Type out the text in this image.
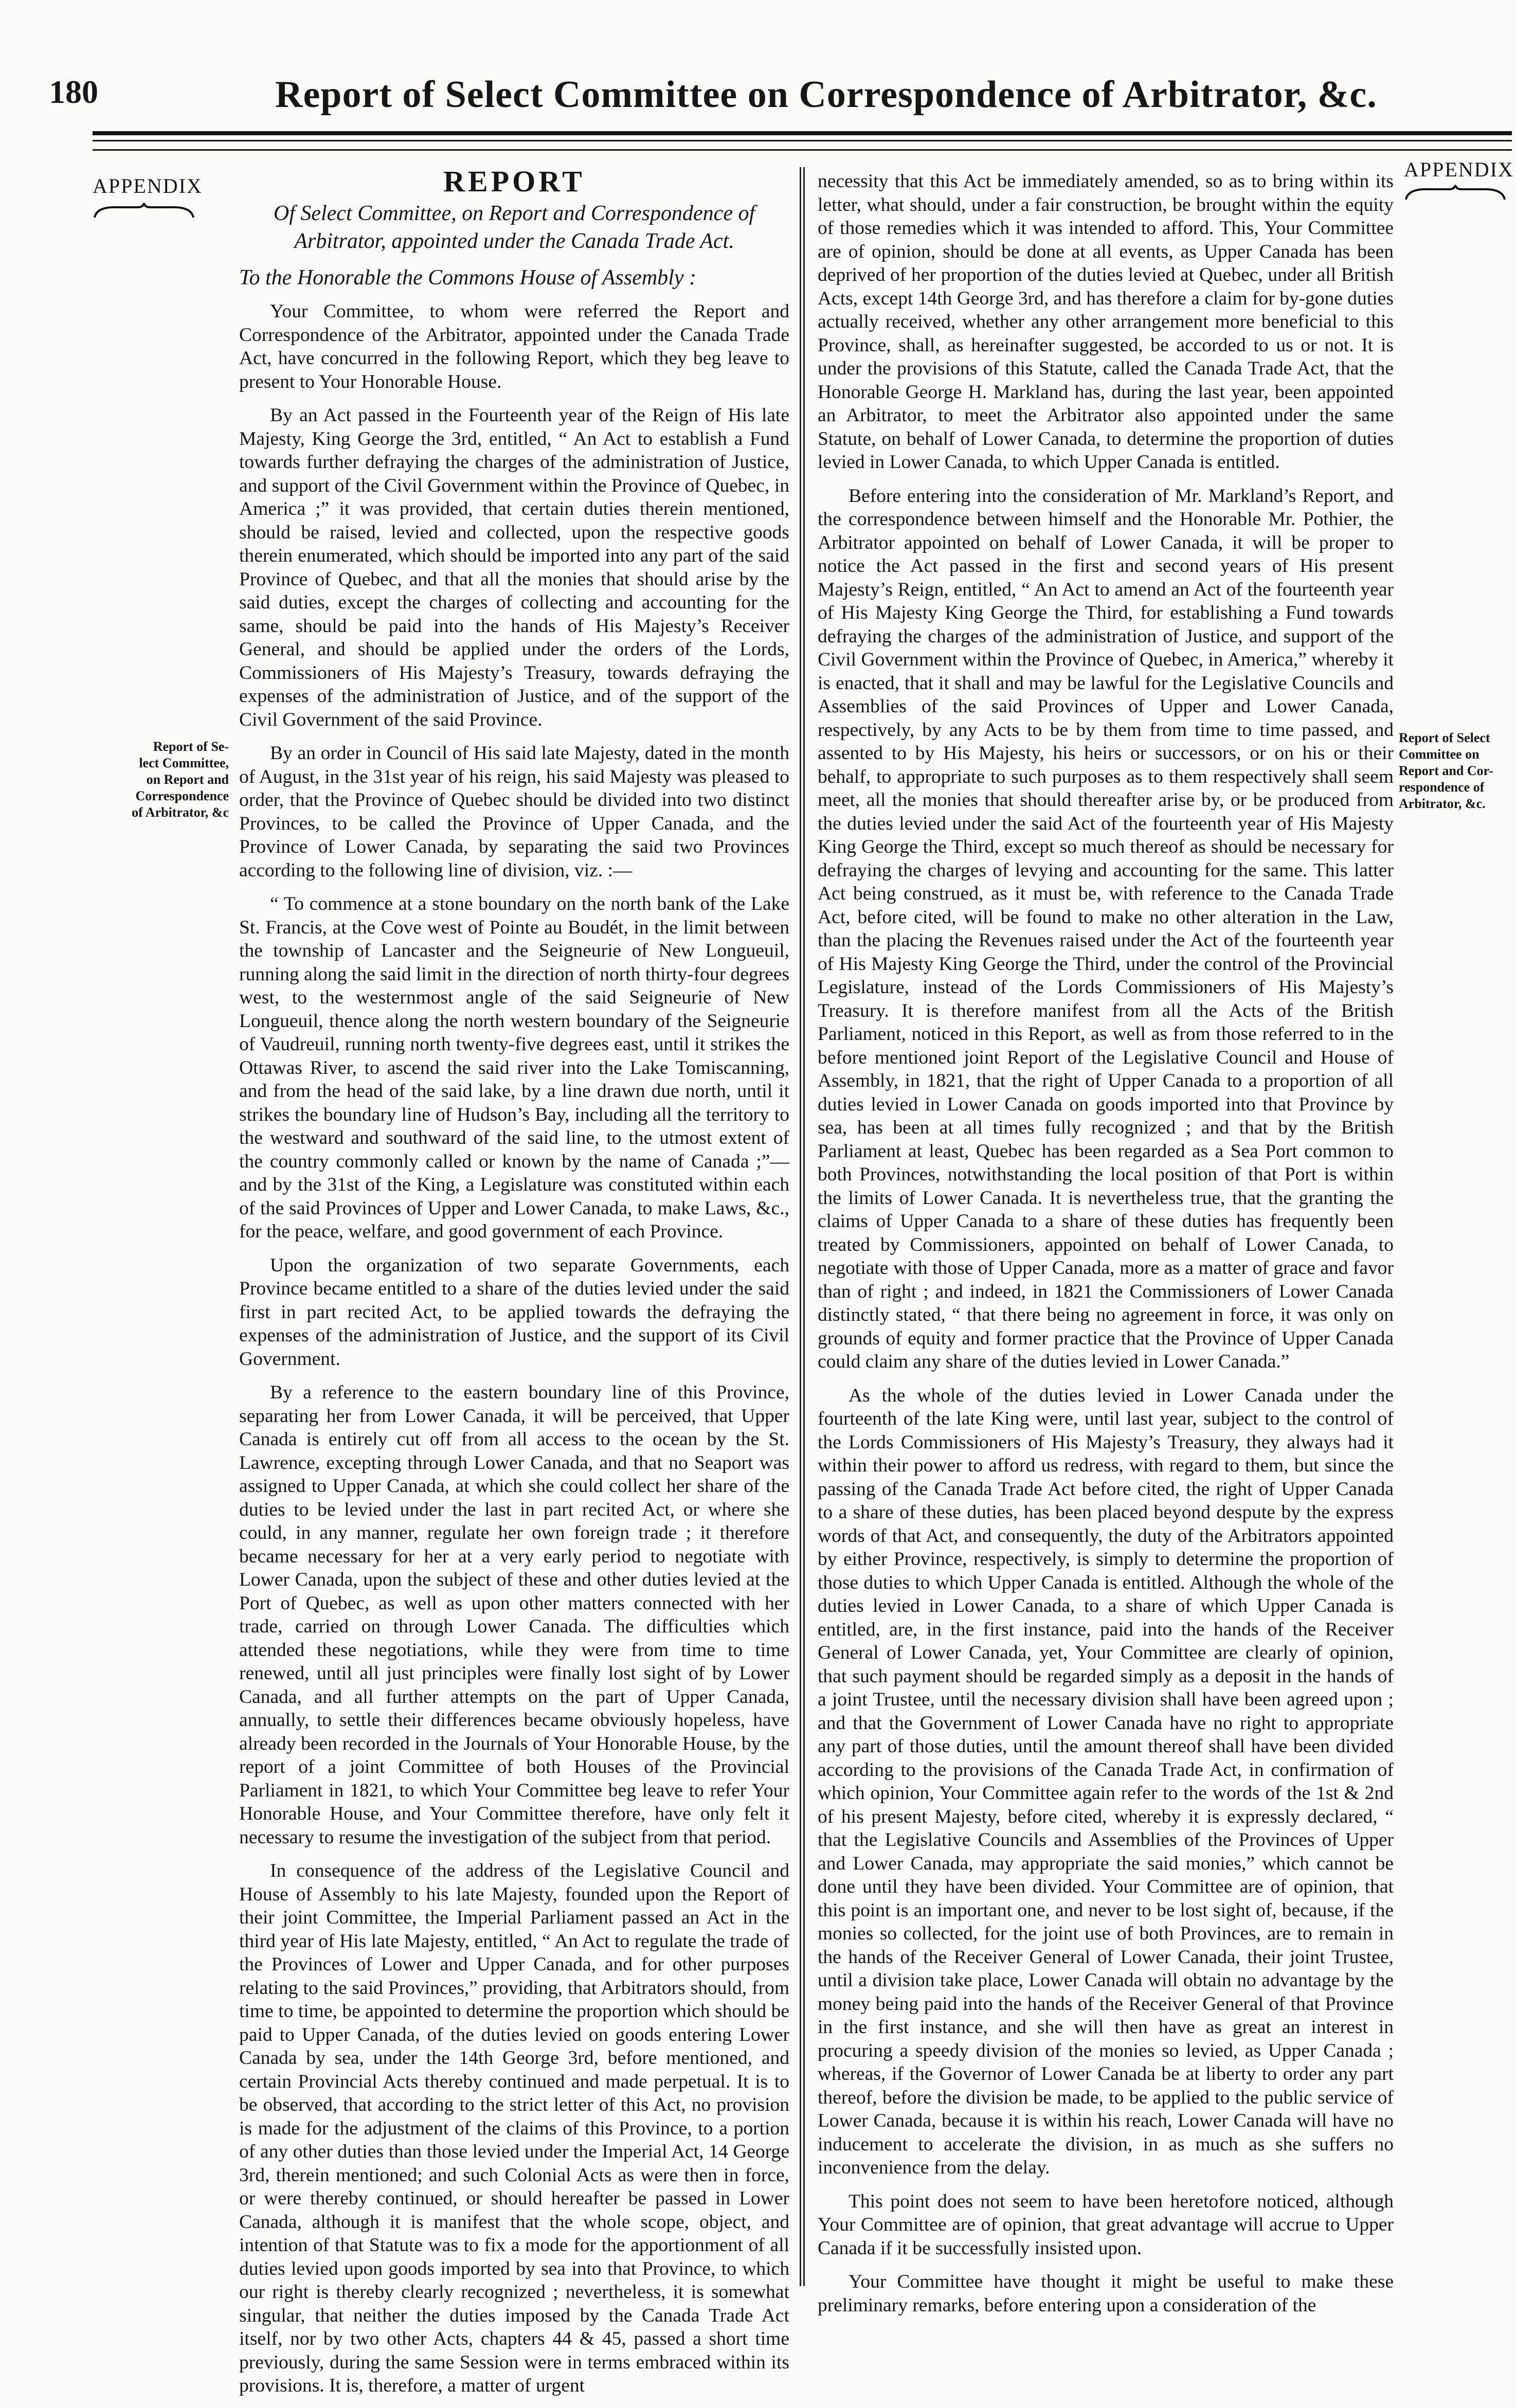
180	Report of Select Committee on Correspondence of Arbitrator, &c.
APPENDIX
APPENDIX
Report of Se-
lect Committee,
on Report and
Correspondence
of Arbitrator, &c
Report of Select
Committee on
Report and Cor-
respondence of
Arbitrator, &c.
REPORT
Of Select Committee, on Report and Correspondence of Arbitrator, appointed under the Canada Trade Act.
To the Honorable the Commons House of Assembly :

Your Committee, to whom were referred the Report and Correspondence of the Arbitrator, appointed under the Canada Trade Act, have concurred in the following Report, which they beg leave to present to Your Honorable House.

By an Act passed in the Fourteenth year of the Reign of His late Majesty, King George the 3rd, entitled, “ An Act to establish a Fund towards further defraying the charges of the administration of Justice, and support of the Civil Government within the Province of Quebec, in America ;” it was provided, that certain duties therein mentioned, should be raised, levied and collected, upon the respective goods therein enumerated, which should be imported into any part of the said Province of Quebec, and that all the monies that should arise by the said duties, except the charges of collecting and accounting for the same, should be paid into the hands of His Majesty’s Receiver General, and should be applied under the orders of the Lords, Commissioners of His Majesty’s Treasury, towards defraying the expenses of the administration of Justice, and of the support of the Civil Government of the said Province.

By an order in Council of His said late Majesty, dated in the month of August, in the 31st year of his reign, his said Majesty was pleased to order, that the Province of Quebec should be divided into two distinct Provinces, to be called the Province of Upper Canada, and the Province of Lower Canada, by separating the said two Provinces according to the following line of division, viz. :—

“ To commence at a stone boundary on the north bank of the Lake St. Francis, at the Cove west of Pointe au Boudét, in the limit between the township of Lancaster and the Seigneurie of New Longueuil, running along the said limit in the direction of north thirty-four degrees west, to the westernmost angle of the said Seigneurie of New Longueuil, thence along the north western boundary of the Seigneurie of Vaudreuil, running north twenty-five degrees east, until it strikes the Ottawas River, to ascend the said river into the Lake Tomiscanning, and from the head of the said lake, by a line drawn due north, until it strikes the boundary line of Hudson’s Bay, including all the territory to the westward and southward of the said line, to the utmost extent of the country commonly called or known by the name of Canada ;”—and by the 31st of the King, a Legislature was constituted within each of the said Provinces of Upper and Lower Canada, to make Laws, &c., for the peace, welfare, and good government of each Province.

Upon the organization of two separate Governments, each Province became entitled to a share of the duties levied under the said first in part recited Act, to be applied towards the defraying the expenses of the administration of Justice, and the support of its Civil Government.

By a reference to the eastern boundary line of this Province, separating her from Lower Canada, it will be perceived, that Upper Canada is entirely cut off from all access to the ocean by the St. Lawrence, excepting through Lower Canada, and that no Seaport was assigned to Upper Canada, at which she could collect her share of the duties to be levied under the last in part recited Act, or where she could, in any manner, regulate her own foreign trade ; it therefore became necessary for her at a very early period to negotiate with Lower Canada, upon the subject of these and other duties levied at the Port of Quebec, as well as upon other matters connected with her trade, carried on through Lower Canada. The difficulties which attended these negotiations, while they were from time to time renewed, until all just principles were finally lost sight of by Lower Canada, and all further attempts on the part of Upper Canada, annually, to settle their differences became obviously hopeless, have already been recorded in the Journals of Your Honorable House, by the report of a joint Committee of both Houses of the Provincial Parliament in 1821, to which Your Committee beg leave to refer Your Honorable House, and Your Committee therefore, have only felt it necessary to resume the investigation of the subject from that period.

In consequence of the address of the Legislative Council and House of Assembly to his late Majesty, founded upon the Report of their joint Committee, the Imperial Parliament passed an Act in the third year of His late Majesty, entitled, “ An Act to regulate the trade of the Provinces of Lower and Upper Canada, and for other purposes relating to the said Provinces,” providing, that Arbitrators should, from time to time, be appointed to determine the proportion which should be paid to Upper Canada, of the duties levied on goods entering Lower Canada by sea, under the 14th George 3rd, before mentioned, and certain Provincial Acts thereby continued and made perpetual. It is to be observed, that according to the strict letter of this Act, no provision is made for the adjustment of the claims of this Province, to a portion of any other duties than those levied under the Imperial Act, 14 George 3rd, therein mentioned; and such Colonial Acts as were then in force, or were thereby continued, or should hereafter be passed in Lower Canada, although it is manifest that the whole scope, object, and intention of that Statute was to fix a mode for the apportionment of all duties levied upon goods imported by sea into that Province, to which our right is thereby clearly recognized ; nevertheless, it is somewhat singular, that neither the duties imposed by the Canada Trade Act itself, nor by two other Acts, chapters 44 & 45, passed a short time previously, during the same Session were in terms embraced within its provisions. It is, therefore, a matter of urgent

necessity that this Act be immediately amended, so as to bring within its letter, what should, under a fair construction, be brought within the equity of those remedies which it was intended to afford. This, Your Committee are of opinion, should be done at all events, as Upper Canada has been deprived of her proportion of the duties levied at Quebec, under all British Acts, except 14th George 3rd, and has therefore a claim for by-gone duties actually received, whether any other arrangement more beneficial to this Province, shall, as hereinafter suggested, be accorded to us or not. It is under the provisions of this Statute, called the Canada Trade Act, that the Honorable George H. Markland has, during the last year, been appointed an Arbitrator, to meet the Arbitrator also appointed under the same Statute, on behalf of Lower Canada, to determine the proportion of duties levied in Lower Canada, to which Upper Canada is entitled.

Before entering into the consideration of Mr. Markland’s Report, and the correspondence between himself and the Honorable Mr. Pothier, the Arbitrator appointed on behalf of Lower Canada, it will be proper to notice the Act passed in the first and second years of His present Majesty’s Reign, entitled, “ An Act to amend an Act of the fourteenth year of His Majesty King George the Third, for establishing a Fund towards defraying the charges of the administration of Justice, and support of the Civil Government within the Province of Quebec, in America,” whereby it is enacted, that it shall and may be lawful for the Legislative Councils and Assemblies of the said Provinces of Upper and Lower Canada, respectively, by any Acts to be by them from time to time passed, and assented to by His Majesty, his heirs or successors, or on his or their behalf, to appropriate to such purposes as to them respectively shall seem meet, all the monies that should thereafter arise by, or be produced from the duties levied under the said Act of the fourteenth year of His Majesty King George the Third, except so much thereof as should be necessary for defraying the charges of levying and accounting for the same. This latter Act being construed, as it must be, with reference to the Canada Trade Act, before cited, will be found to make no other alteration in the Law, than the placing the Revenues raised under the Act of the fourteenth year of His Majesty King George the Third, under the control of the Provincial Legislature, instead of the Lords Commissioners of His Majesty’s Treasury. It is therefore manifest from all the Acts of the British Parliament, noticed in this Report, as well as from those referred to in the before mentioned joint Report of the Legislative Council and House of Assembly, in 1821, that the right of Upper Canada to a proportion of all duties levied in Lower Canada on goods imported into that Province by sea, has been at all times fully recognized ; and that by the British Parliament at least, Quebec has been regarded as a Sea Port common to both Provinces, notwithstanding the local position of that Port is within the limits of Lower Canada. It is nevertheless true, that the granting the claims of Upper Canada to a share of these duties has frequently been treated by Commissioners, appointed on behalf of Lower Canada, to negotiate with those of Upper Canada, more as a matter of grace and favor than of right ; and indeed, in 1821 the Commissioners of Lower Canada distinctly stated, “ that there being no agreement in force, it was only on grounds of equity and former practice that the Province of Upper Canada could claim any share of the duties levied in Lower Canada.”

As the whole of the duties levied in Lower Canada under the fourteenth of the late King were, until last year, subject to the control of the Lords Commissioners of His Majesty’s Treasury, they always had it within their power to afford us redress, with regard to them, but since the passing of the Canada Trade Act before cited, the right of Upper Canada to a share of these duties, has been placed beyond despute by the express words of that Act, and consequently, the duty of the Arbitrators appointed by either Province, respectively, is simply to determine the proportion of those duties to which Upper Canada is entitled. Although the whole of the duties levied in Lower Canada, to a share of which Upper Canada is entitled, are, in the first instance, paid into the hands of the Receiver General of Lower Canada, yet, Your Committee are clearly of opinion, that such payment should be regarded simply as a deposit in the hands of a joint Trustee, until the necessary division shall have been agreed upon ; and that the Government of Lower Canada have no right to appropriate any part of those duties, until the amount thereof shall have been divided according to the provisions of the Canada Trade Act, in confirmation of which opinion, Your Committee again refer to the words of the 1st & 2nd of his present Majesty, before cited, whereby it is expressly declared, “ that the Legislative Councils and Assemblies of the Provinces of Upper and Lower Canada, may appropriate the said monies,” which cannot be done until they have been divided. Your Committee are of opinion, that this point is an important one, and never to be lost sight of, because, if the monies so collected, for the joint use of both Provinces, are to remain in the hands of the Receiver General of Lower Canada, their joint Trustee, until a division take place, Lower Canada will obtain no advantage by the money being paid into the hands of the Receiver General of that Province in the first instance, and she will then have as great an interest in procuring a speedy division of the monies so levied, as Upper Canada ; whereas, if the Governor of Lower Canada be at liberty to order any part thereof, before the division be made, to be applied to the public service of Lower Canada, because it is within his reach, Lower Canada will have no inducement to accelerate the division, in as much as she suffers no inconvenience from the delay.

This point does not seem to have been heretofore noticed, although Your Committee are of opinion, that great advantage will accrue to Upper Canada if it be successfully insisted upon.

Your Committee have thought it might be useful to make these preliminary remarks, before entering upon a consideration of the
